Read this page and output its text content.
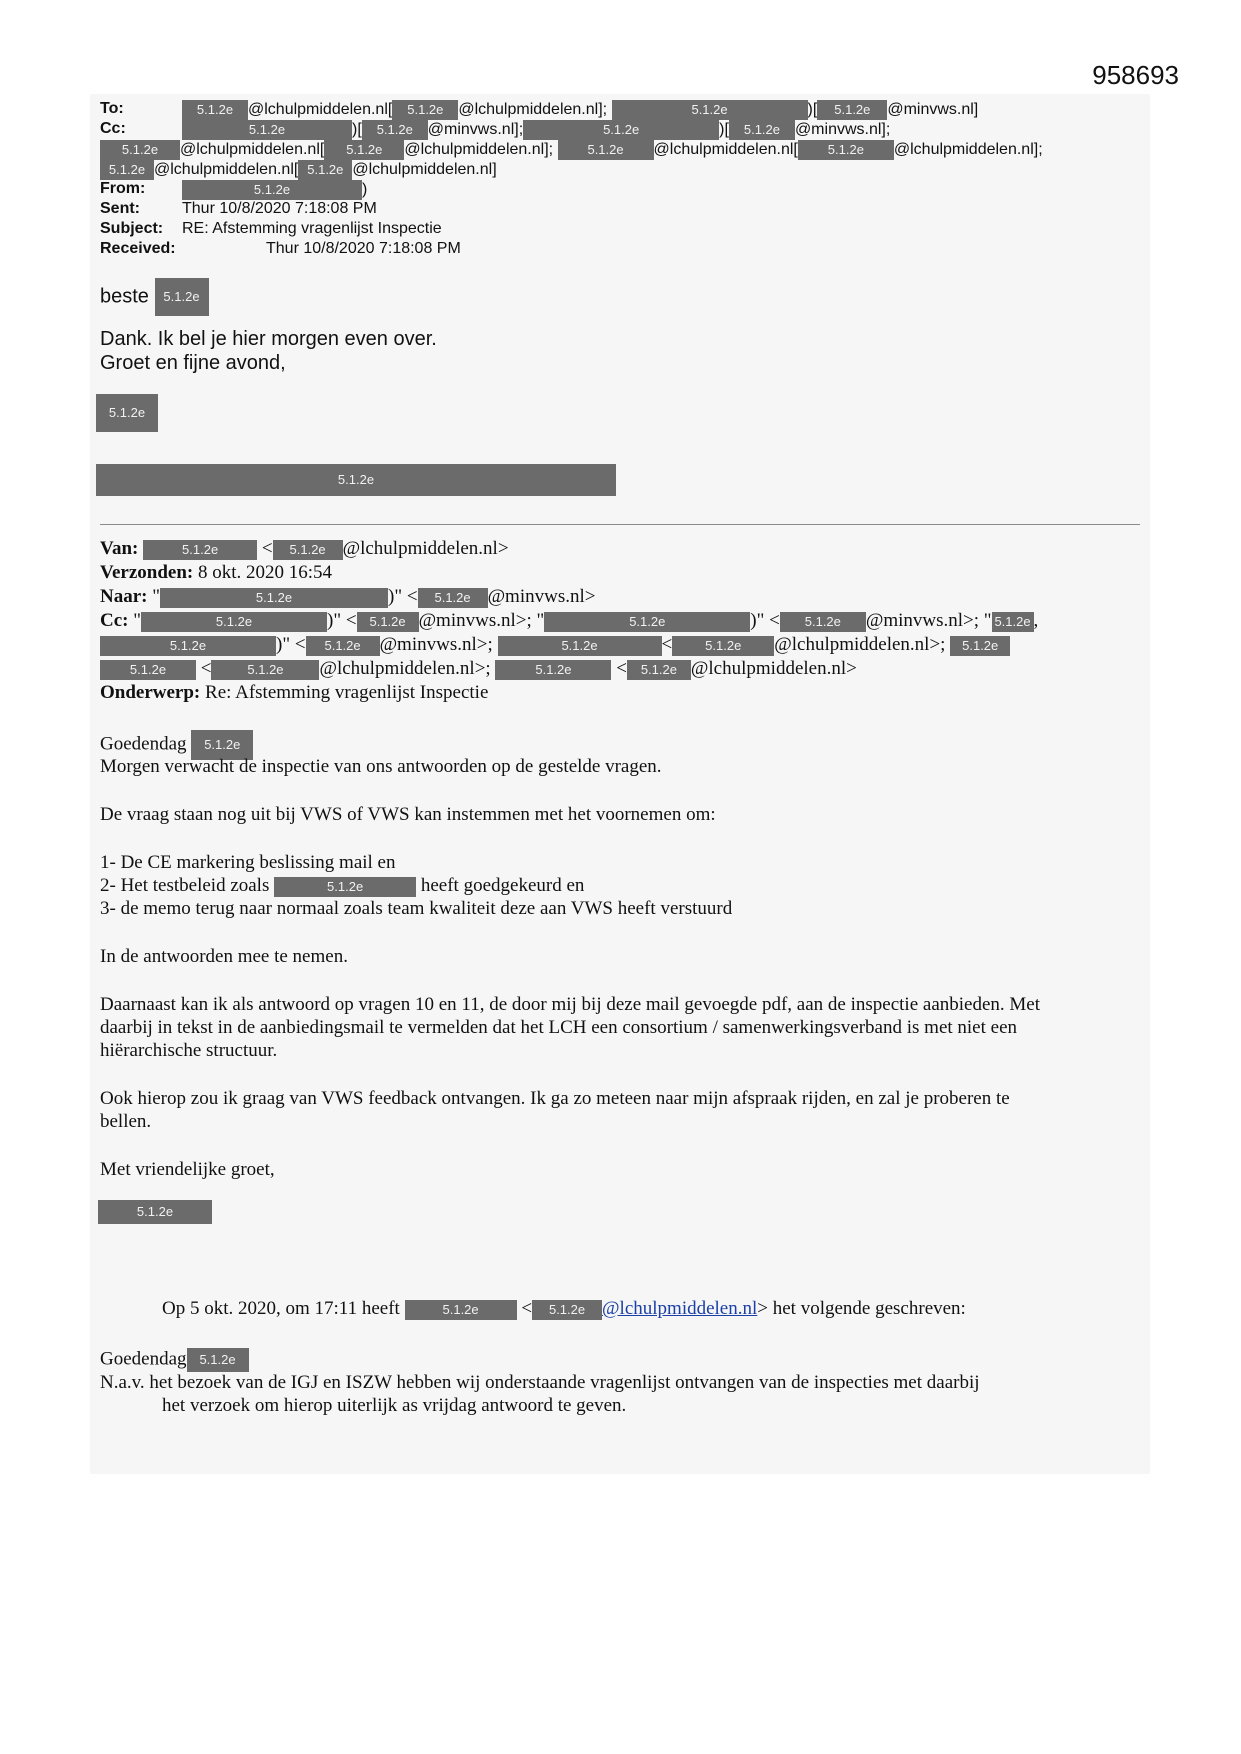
958693
To:	5.1.2e @lchulpmiddelen.nl[ 5.1.2e @lchulpmiddelen.nl];	5.1.2e	)[ 5.1.2e @minvws.nl]
Cc:	5.1.2e	)[ 5.1.2e @minvws.nl];	5.1.2e	)[ 5.1.2e @minvws.nl];
5.1.2e @lchulpmiddelen.nl[ 5.1.2e @lchulpmiddelen.nl];	5.1.2e @lchulpmiddelen.nl[ 5.1.2e @lchulpmiddelen.nl];
5.1.2e @lchulpmiddelen.nl[ 5.1.2e @lchulpmiddelen.nl]
From:	5.1.2e	)
Sent:	Thur 10/8/2020 7:18:08 PM
Subject: RE: Afstemming vragenlijst Inspectie
Received:	Thur 10/8/2020 7:18:08 PM
beste 5.1.2e
Dank. Ik bel je hier morgen even over.
Groet en fijne avond,
5.1.2e
5.1.2e
Van:	5.1.2e < 5.1.2e @lchulpmiddelen.nl>
Verzonden: 8 okt. 2020 16:54
Naar: "	5.1.2e	)" < 5.1.2e @minvws.nl>
Cc: "	5.1.2e	)" < 5.1.2e @minvws.nl>; "	5.1.2e	)" < 5.1.2e @minvws.nl>; " 5.1.2e ,
5.1.2e	)" < 5.1.2e @minvws.nl>;	5.1.2e	<	5.1.2e @lchulpmiddelen.nl>; 5.1.2e
5.1.2e <	5.1.2e @lchulpmiddelen.nl>;	5.1.2e < 5.1.2e @lchulpmiddelen.nl>
Onderwerp: Re: Afstemming vragenlijst Inspectie
Goedendag 5.1.2e
Morgen verwacht de inspectie van ons antwoorden op de gestelde vragen.
De vraag staan nog uit bij VWS of VWS kan instemmen met het voornemen om:
1- De CE markering beslissing mail en
2- Het testbeleid zoals	5.1.2e	heeft goedgekeurd en
3- de memo terug naar normaal zoals team kwaliteit deze aan VWS heeft verstuurd
In de antwoorden mee te nemen.
Daarnaast kan ik als antwoord op vragen 10 en 11, de door mij bij deze mail gevoegde pdf, aan de inspectie aanbieden. Met
daarbij in tekst in de aanbiedingsmail te vermelden dat het LCH een consortium / samenwerkingsverband is met niet een
hiërarchische structuur.
Ook hierop zou ik graag van VWS feedback ontvangen. Ik ga zo meteen naar mijn afspraak rijden, en zal je proberen te
bellen.
Met vriendelijke groet,
5.1.2e
Op 5 okt. 2020, om 17:11 heeft	5.1.2e < 5.1.2e @lchulpmiddelen.nl> het volgende geschreven:
Goedendag 5.1.2e
N.a.v. het bezoek van de IGJ en ISZW hebben wij onderstaande vragenlijst ontvangen van de inspecties met daarbij
het verzoek om hierop uiterlijk as vrijdag antwoord te geven.
